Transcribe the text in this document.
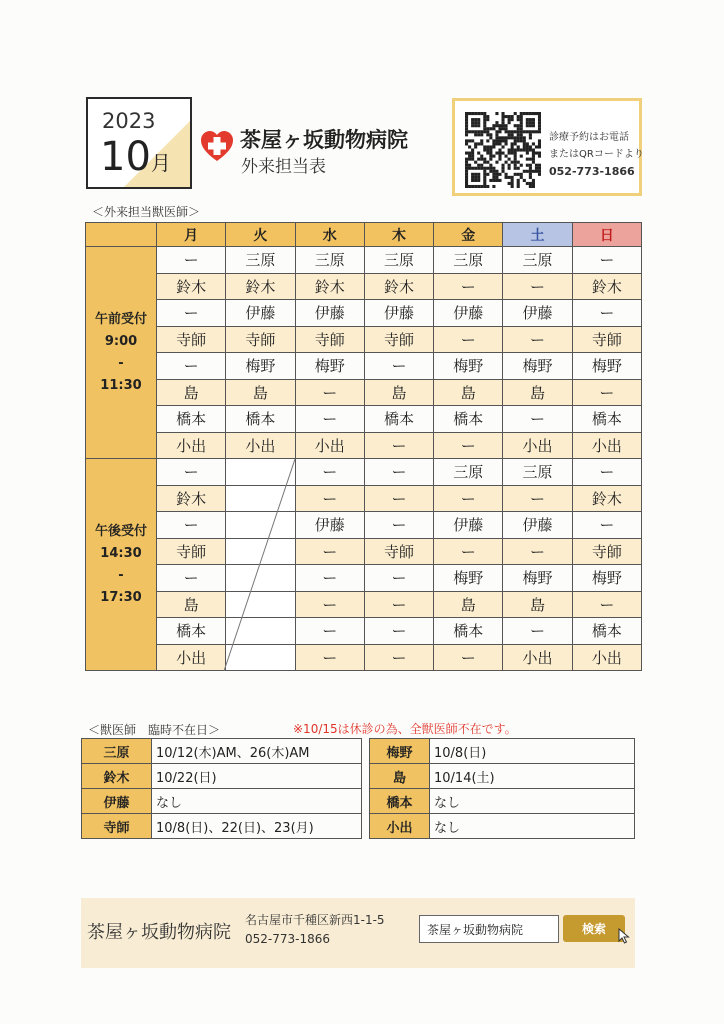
2023
10月
茶屋ヶ坂動物病院
外来担当表
診療予約はお電話
またはQRコードより
052-773-1866
＜外来担当獣医師＞
	月	火	水	木	金	土	日

午前受付
9:00
-
11:30	ー	三原	三原	三原	三原	三原	ー
	鈴木	鈴木	鈴木	鈴木	ー	ー	鈴木
	ー	伊藤	伊藤	伊藤	伊藤	伊藤	ー
	寺師	寺師	寺師	寺師	ー	ー	寺師
	ー	梅野	梅野	ー	梅野	梅野	梅野
	島	島	ー	島	島	島	ー
	橋本	橋本	ー	橋本	橋本	ー	橋本
	小出	小出	小出	ー	ー	小出	小出

午後受付
14:30
-
17:30	ー		ー	ー	三原	三原	ー
	鈴木		ー	ー	ー	ー	鈴木
	ー		伊藤	ー	伊藤	伊藤	ー
	寺師		ー	寺師	ー	ー	寺師
	ー		ー	ー	梅野	梅野	梅野
	島		ー	ー	島	島	ー
	橋本		ー	ー	橋本	ー	橋本
	小出		ー	ー	ー	小出	小出
＜獣医師　臨時不在日＞	※10/15は休診の為、全獣医師不在です。
三原	10/12(木)AM、26(木)AM		梅野	10/8(日)
鈴木	10/22(日)		島	10/14(土)
伊藤	なし		橋本	なし
寺師	10/8(日)、22(日)、23(月)		小出	なし
茶屋ヶ坂動物病院
名古屋市千種区新西1-1-5
052-773-1866
茶屋ヶ坂動物病院
検索
